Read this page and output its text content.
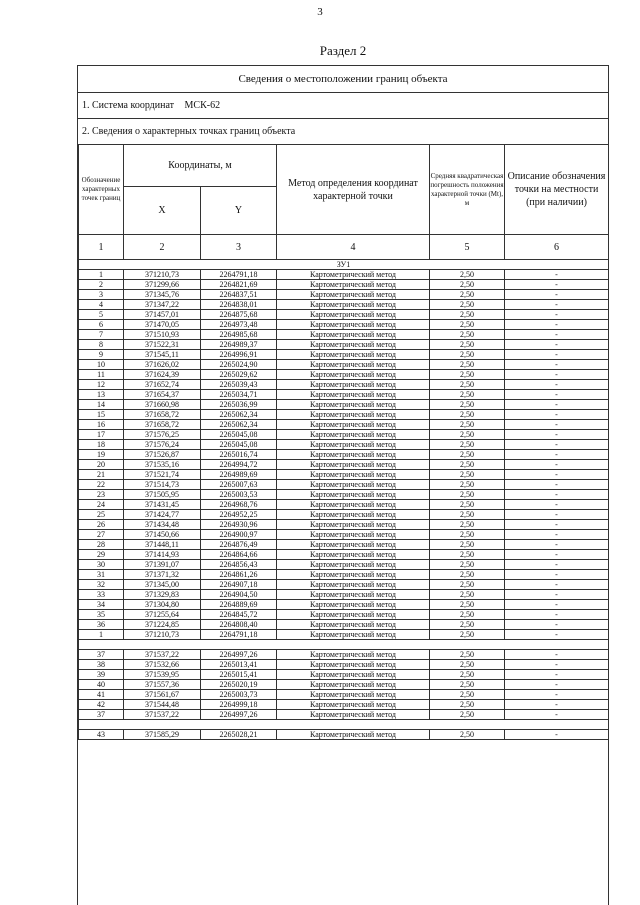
3
Раздел 2
Сведения о местоположении границ объекта
1. Система координат МСК-62
2. Сведения о характерных точках границ объекта
Обозначение характерных точек границ	Координаты, м		Метод определения координат характерной точки	Средняя квадратическая погрешность положения характерной точки (Mt), м	Описание обозначения точки на местности (при наличии)
	X	Y			
1	2	3	4	5	6
ЗУ1					
1	371210,73	2264791,18	Картометрический метод	2,50	-
2	371299,66	2264821,69	Картометрический метод	2,50	-
3	371345,76	2264837,51	Картометрический метод	2,50	-
4	371347,22	2264838,01	Картометрический метод	2,50	-
5	371457,01	2264875,68	Картометрический метод	2,50	-
6	371470,05	2264973,48	Картометрический метод	2,50	-
7	371510,93	2264985,68	Картометрический метод	2,50	-
8	371522,31	2264989,37	Картометрический метод	2,50	-
9	371545,11	2264996,91	Картометрический метод	2,50	-
10	371626,02	2265024,90	Картометрический метод	2,50	-
11	371624,39	2265029,62	Картометрический метод	2,50	-
12	371652,74	2265039,43	Картометрический метод	2,50	-
13	371654,37	2265034,71	Картометрический метод	2,50	-
14	371660,98	2265036,99	Картометрический метод	2,50	-
15	371658,72	2265062,34	Картометрический метод	2,50	-
16	371658,72	2265062,34	Картометрический метод	2,50	-
17	371576,25	2265045,08	Картометрический метод	2,50	-
18	371576,24	2265045,08	Картометрический метод	2,50	-
19	371526,87	2265016,74	Картометрический метод	2,50	-
20	371535,16	2264994,72	Картометрический метод	2,50	-
21	371521,74	2264989,69	Картометрический метод	2,50	-
22	371514,73	2265007,63	Картометрический метод	2,50	-
23	371505,95	2265003,53	Картометрический метод	2,50	-
24	371431,45	2264968,76	Картометрический метод	2,50	-
25	371424,77	2264952,25	Картометрический метод	2,50	-
26	371434,48	2264930,96	Картометрический метод	2,50	-
27	371450,66	2264900,97	Картометрический метод	2,50	-
28	371448,11	2264876,49	Картометрический метод	2,50	-
29	371414,93	2264864,66	Картометрический метод	2,50	-
30	371391,07	2264856,43	Картометрический метод	2,50	-
31	371371,32	2264861,26	Картометрический метод	2,50	-
32	371345,00	2264907,18	Картометрический метод	2,50	-
33	371329,83	2264904,50	Картометрический метод	2,50	-
34	371304,80	2264889,69	Картометрический метод	2,50	-
35	371255,64	2264845,72	Картометрический метод	2,50	-
36	371224,85	2264808,40	Картометрический метод	2,50	-
1	371210,73	2264791,18	Картометрический метод	2,50	-

37	371537,22	2264997,26	Картометрический метод	2,50	-
38	371532,66	2265013,41	Картометрический метод	2,50	-
39	371539,95	2265015,41	Картометрический метод	2,50	-
40	371557,36	2265020,19	Картометрический метод	2,50	-
41	371561,67	2265003,73	Картометрический метод	2,50	-
42	371544,48	2264999,18	Картометрический метод	2,50	-
37	371537,22	2264997,26	Картометрический метод	2,50	-

43	371585,29	2265028,21	Картометрический метод	2,50	-
